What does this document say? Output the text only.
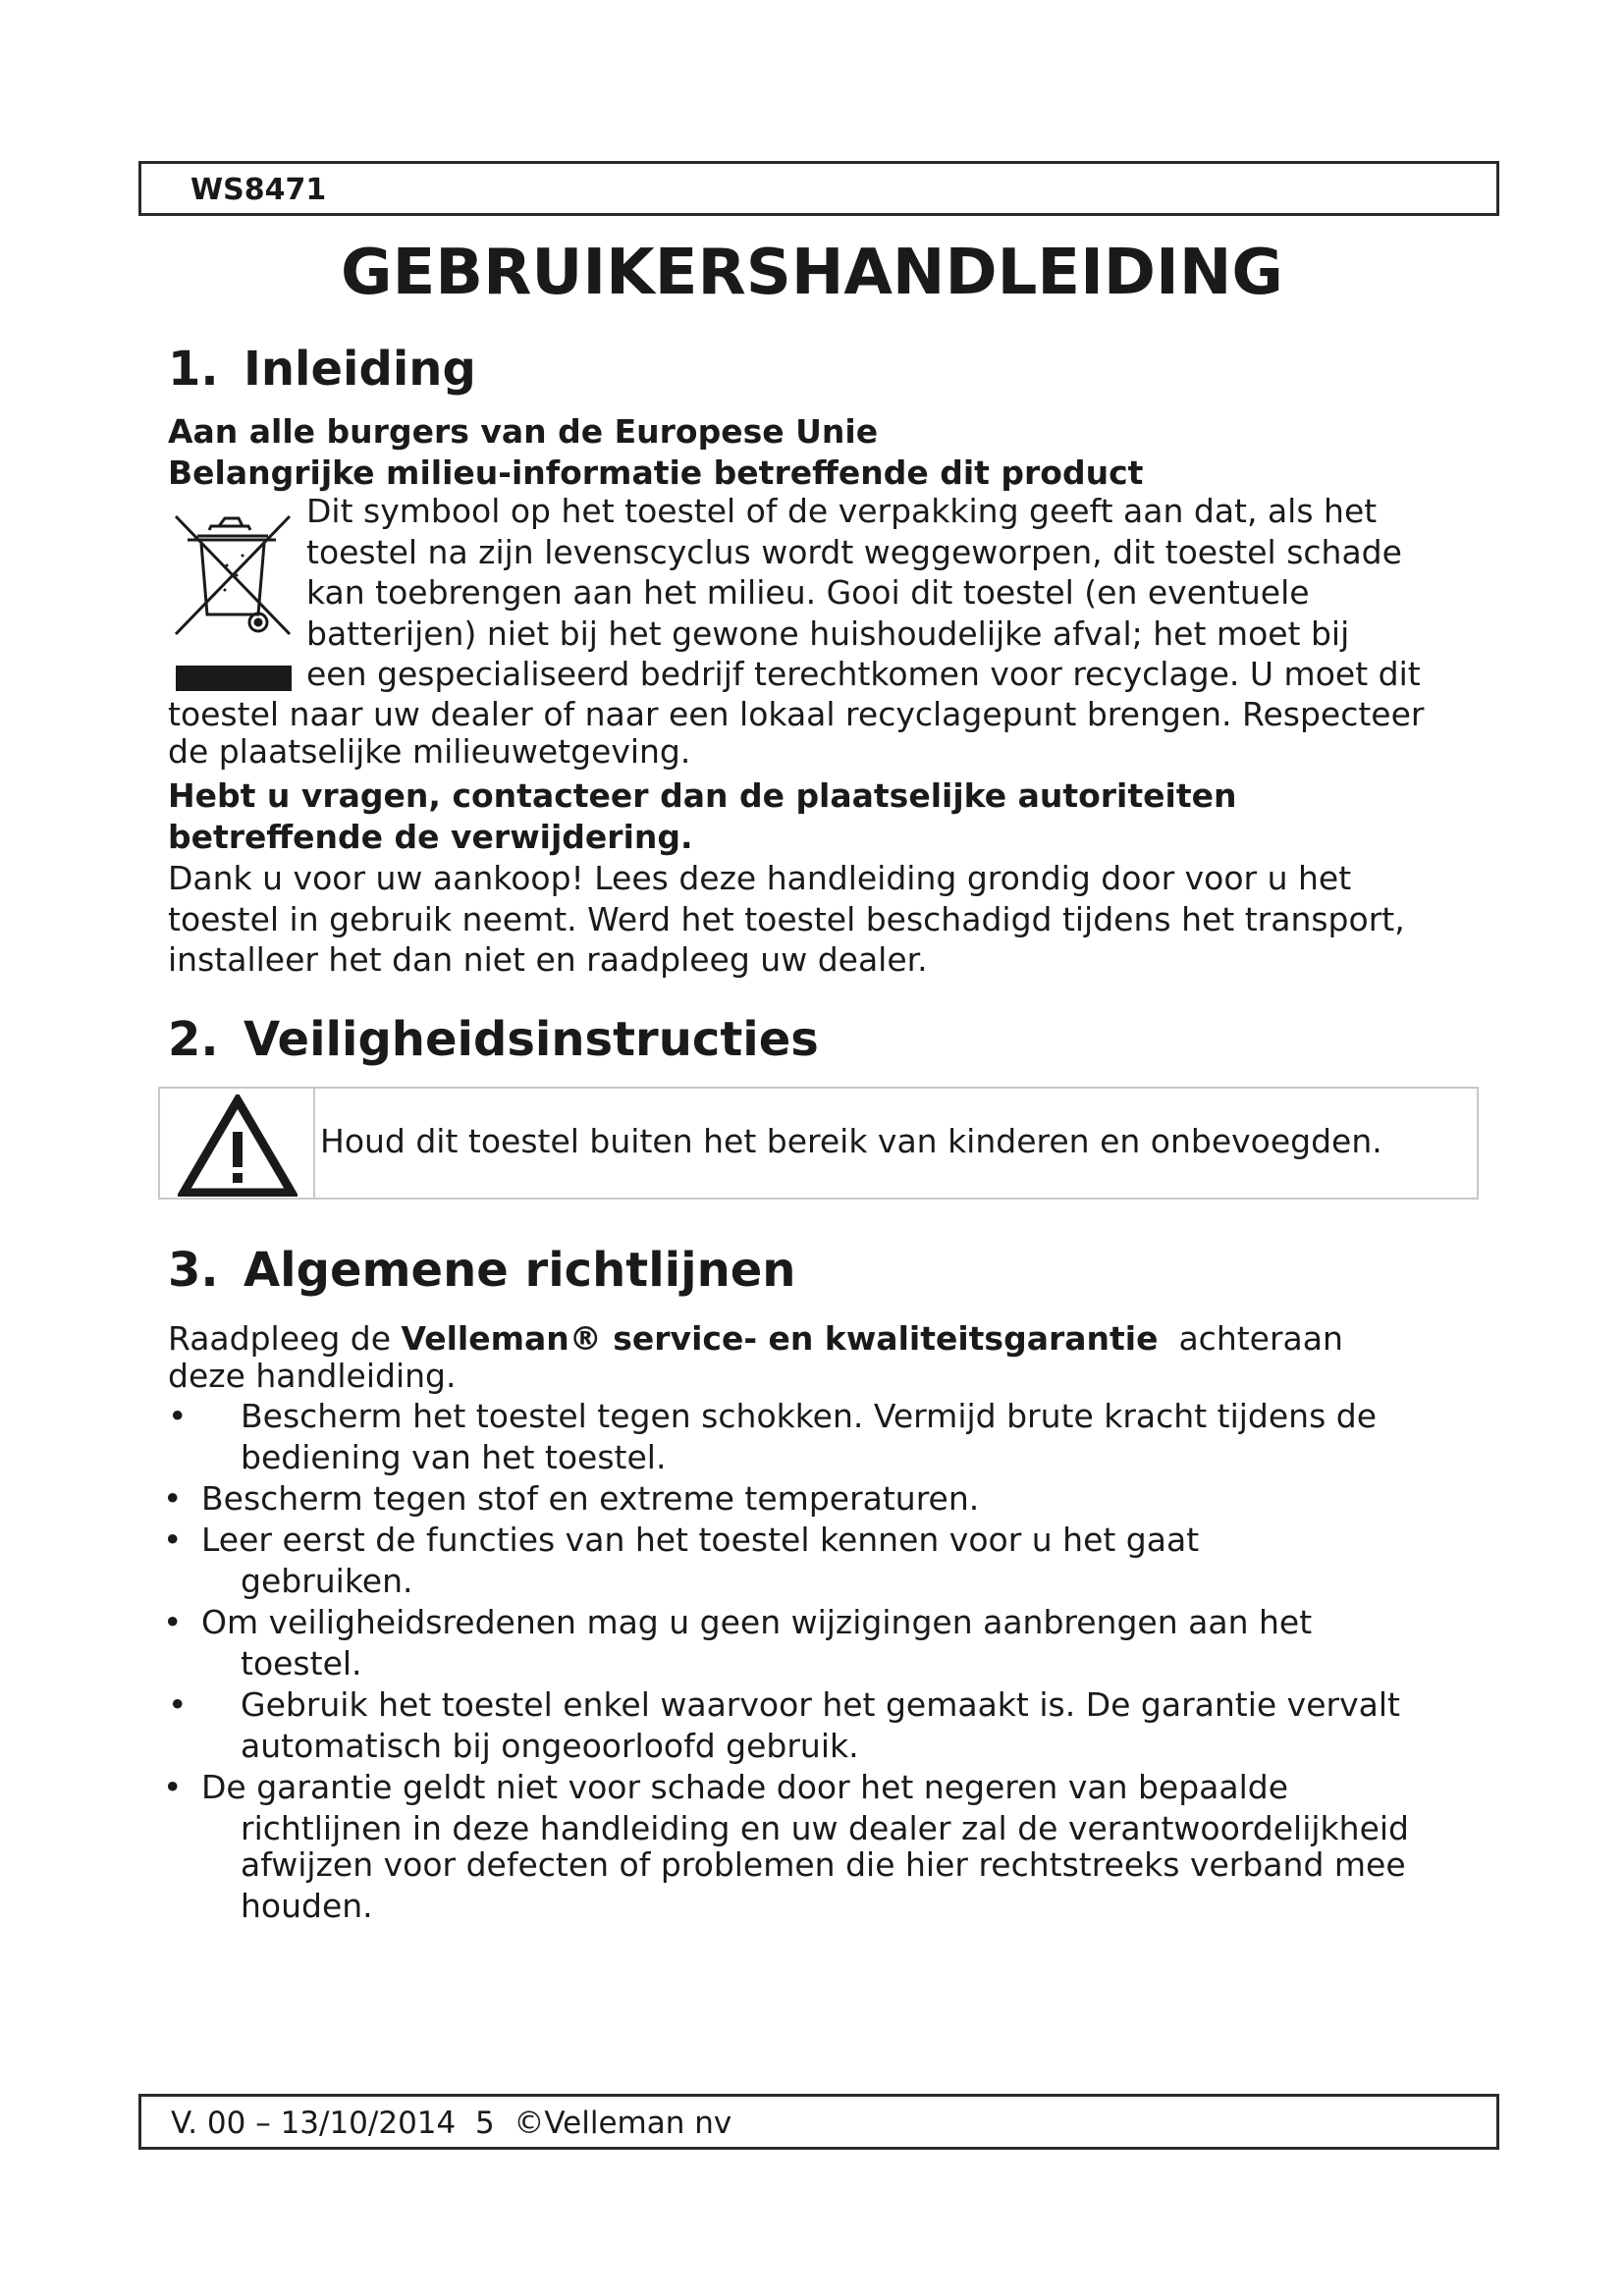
WS8471
GEBRUIKERSHANDLEIDING
1. Inleiding

Aan alle burgers van de Europese Unie

Belangrijke milieu-informatie betreffende dit product

Dit symbool op het toestel of de verpakking geeft aan dat, als het
toestel na zijn levenscyclus wordt weggeworpen, dit toestel schade
kan toebrengen aan het milieu. Gooi dit toestel (en eventuele
batterijen) niet bij het gewone huishoudelijke afval; het moet bij
een gespecialiseerd bedrijf terechtkomen voor recyclage. U moet dit
toestel naar uw dealer of naar een lokaal recyclagepunt brengen. Respecteer
de plaatselijke milieuwetgeving.
Hebt u vragen, contacteer dan de plaatselijke autoriteiten
betreffende de verwijdering.
Dank u voor uw aankoop! Lees deze handleiding grondig door voor u het
toestel in gebruik neemt. Werd het toestel beschadigd tijdens het transport,
installeer het dan niet en raadpleeg uw dealer.
2. Veiligheidsinstructies
Houd dit toestel buiten het bereik van kinderen en onbevoegden.
3. Algemene richtlijnen
Raadpleeg de Velleman® service- en kwaliteitsgarantie  achteraan
deze handleiding.
• Bescherm het toestel tegen schokken. Vermijd brute kracht tijdens de
bediening van het toestel.
• Bescherm tegen stof en extreme temperaturen.
• Leer eerst de functies van het toestel kennen voor u het gaat
gebruiken.
• Om veiligheidsredenen mag u geen wijzigingen aanbrengen aan het
toestel.
• Gebruik het toestel enkel waarvoor het gemaakt is. De garantie vervalt
automatisch bij ongeoorloofd gebruik.
• De garantie geldt niet voor schade door het negeren van bepaalde
richtlijnen in deze handleiding en uw dealer zal de verantwoordelijkheid
afwijzen voor defecten of problemen die hier rechtstreeks verband mee
houden.
V. 00 – 13/10/2014  5  ©Velleman nv
